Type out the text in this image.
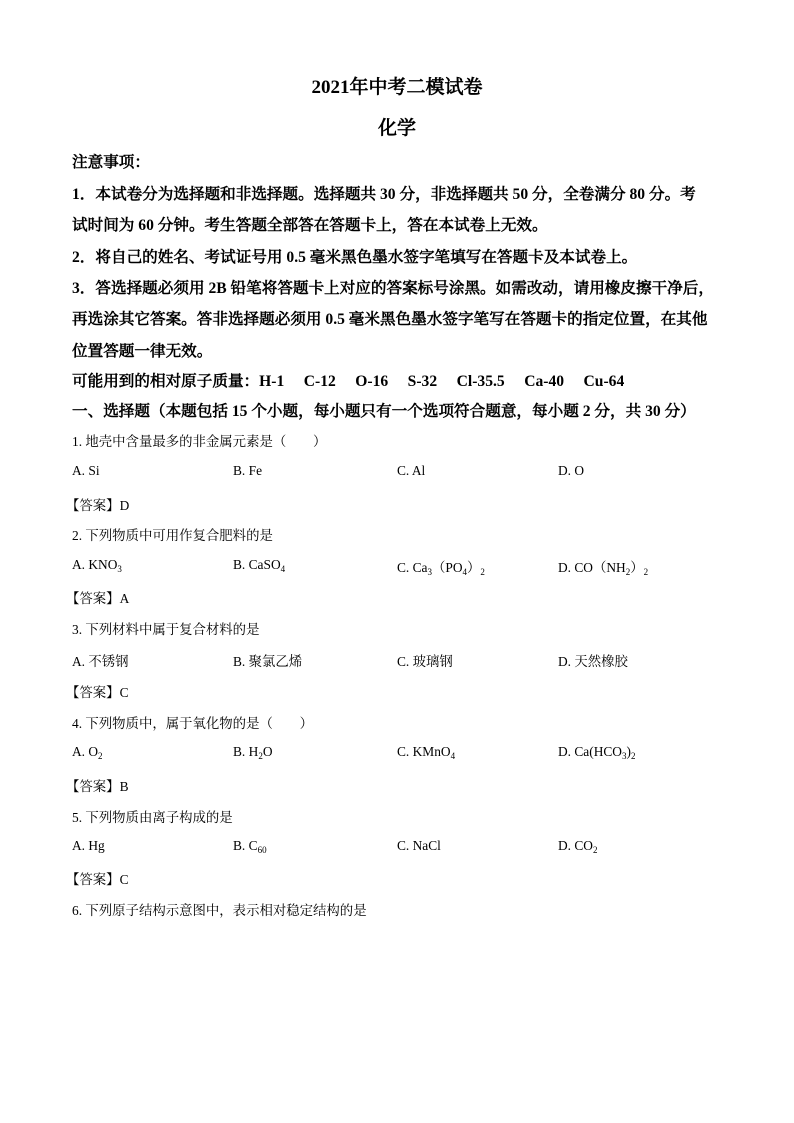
2021年中考二模试卷
化学
注意事项：
1．本试卷分为选择题和非选择题。选择题共 30 分，非选择题共 50 分，全卷满分 80 分。考
试时间为 60 分钟。考生答题全部答在答题卡上，答在本试卷上无效。
2．将自己的姓名、考试证号用 0.5 毫米黑色墨水签字笔填写在答题卡及本试卷上。
3．答选择题必须用 2B 铅笔将答题卡上对应的答案标号涂黑。如需改动，请用橡皮擦干净后，
再选涂其它答案。答非选择题必须用 0.5 毫米黑色墨水签字笔写在答题卡的指定位置，在其他
位置答题一律无效。
可能用到的相对原子质量：H-1　 C-12　 O-16　 S-32　 Cl-35.5　 Ca-40　 Cu-64
一、选择题（本题包括 15 个小题，每小题只有一个选项符合题意，每小题 2 分，共 30 分）
1. 地壳中含量最多的非金属元素是（　　）
A. Si	B. Fe	C. Al	D. O
【答案】D
2. 下列物质中可用作复合肥料的是
A. $KNO_3$	B. CaSO$_4$	C. $Ca_3(PO_4)_2$	D. $CO(NH_2)_2$
【答案】A
3. 下列材料中属于复合材料的是
A. 不锈钢	B. 聚氯乙烯	C. 玻璃钢	D. 天然橡胶
【答案】C
4. 下列物质中，属于氧化物的是（　　）
A. $O_2$	B. $H_2O$	C. KMnO$_4$	D. $Ca(HCO_3)_2$
【答案】B
5. 下列物质由离子构成的是
A. Hg	B. $C_{60}$	C. NaCl	D. $CO_2$
【答案】C
6. 下列原子结构示意图中，表示相对稳定结构的是
